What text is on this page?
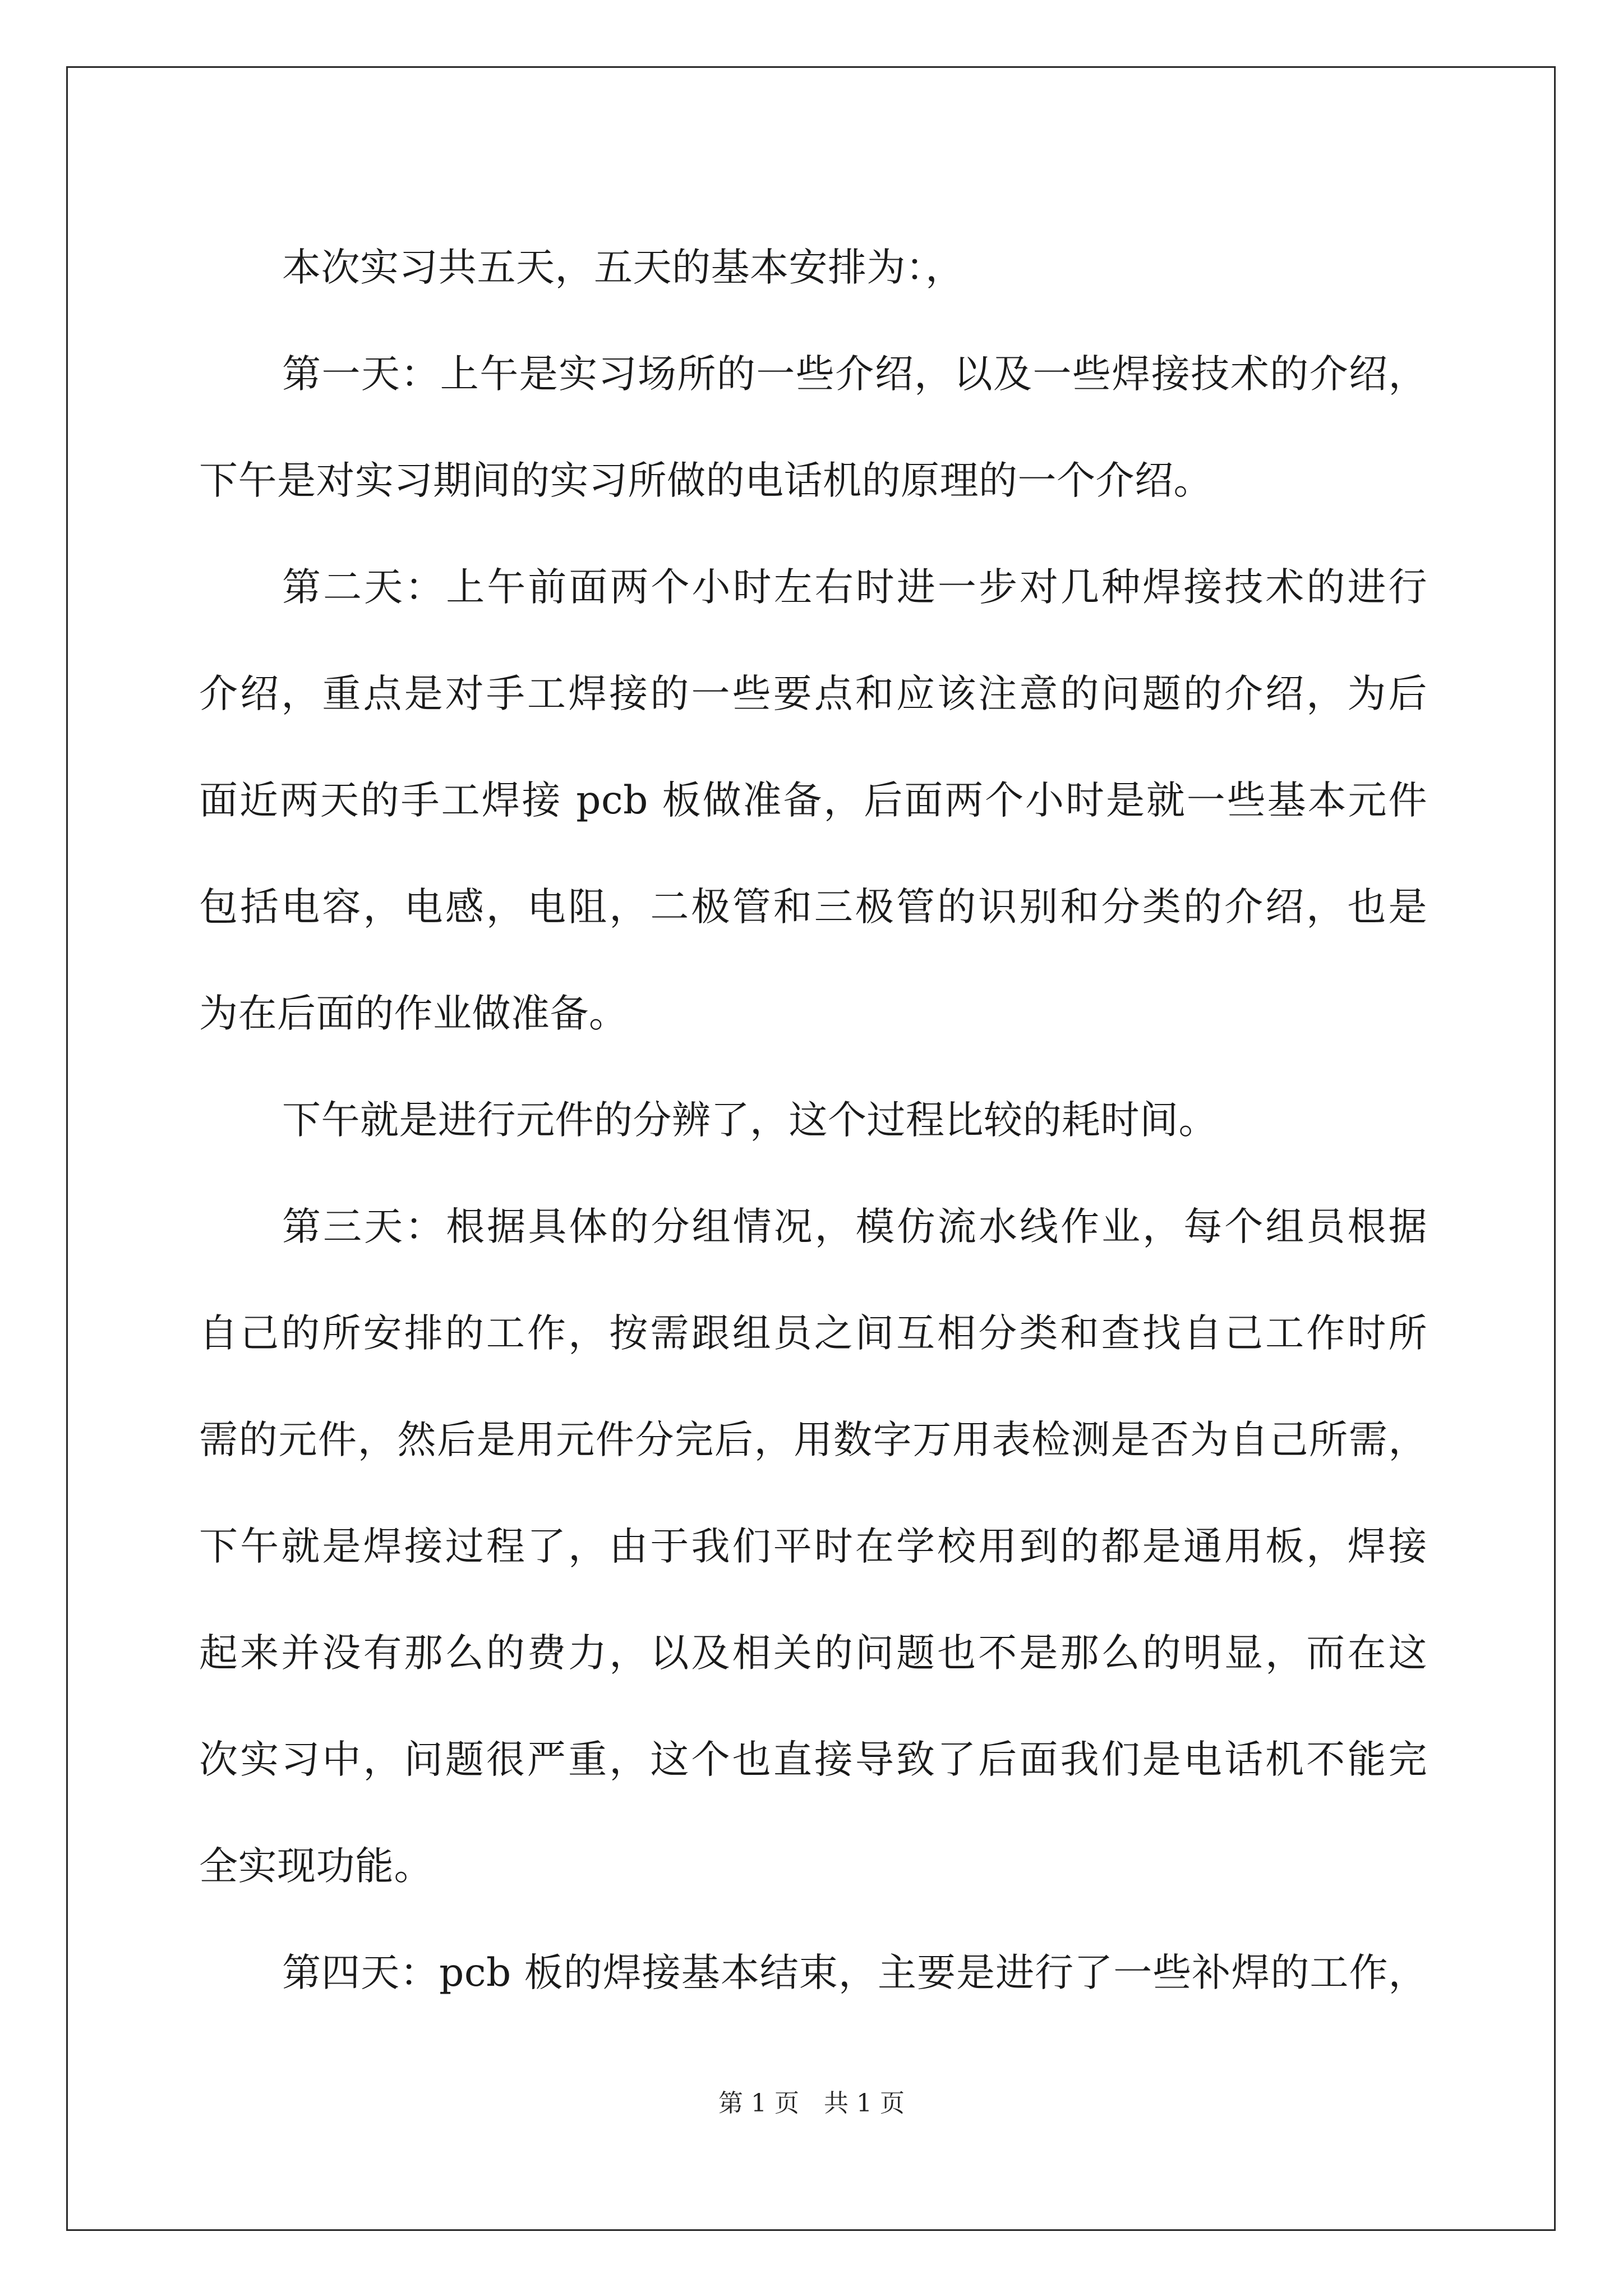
本次实习共五天，五天的基本安排为：，
第一天：上午是实习场所的一些介绍，以及一些焊接技术的介绍，
下午是对实习期间的实习所做的电话机的原理的一个介绍。
第二天：上午前面两个小时左右时进一步对几种焊接技术的进行
介绍，重点是对手工焊接的一些要点和应该注意的问题的介绍，为后
面近两天的手工焊接 pcb 板做准备，后面两个小时是就一些基本元件
包括电容，电感，电阻，二极管和三极管的识别和分类的介绍，也是
为在后面的作业做准备。
下午就是进行元件的分辨了，这个过程比较的耗时间。
第三天：根据具体的分组情况，模仿流水线作业，每个组员根据
自己的所安排的工作，按需跟组员之间互相分类和查找自己工作时所
需的元件，然后是用元件分完后，用数字万用表检测是否为自己所需，
下午就是焊接过程了，由于我们平时在学校用到的都是通用板，焊接
起来并没有那么的费力，以及相关的问题也不是那么的明显，而在这
次实习中，问题很严重，这个也直接导致了后面我们是电话机不能完
全实现功能。
第四天：pcb 板的焊接基本结束，主要是进行了一些补焊的工作，
第 1 页　共 1 页
